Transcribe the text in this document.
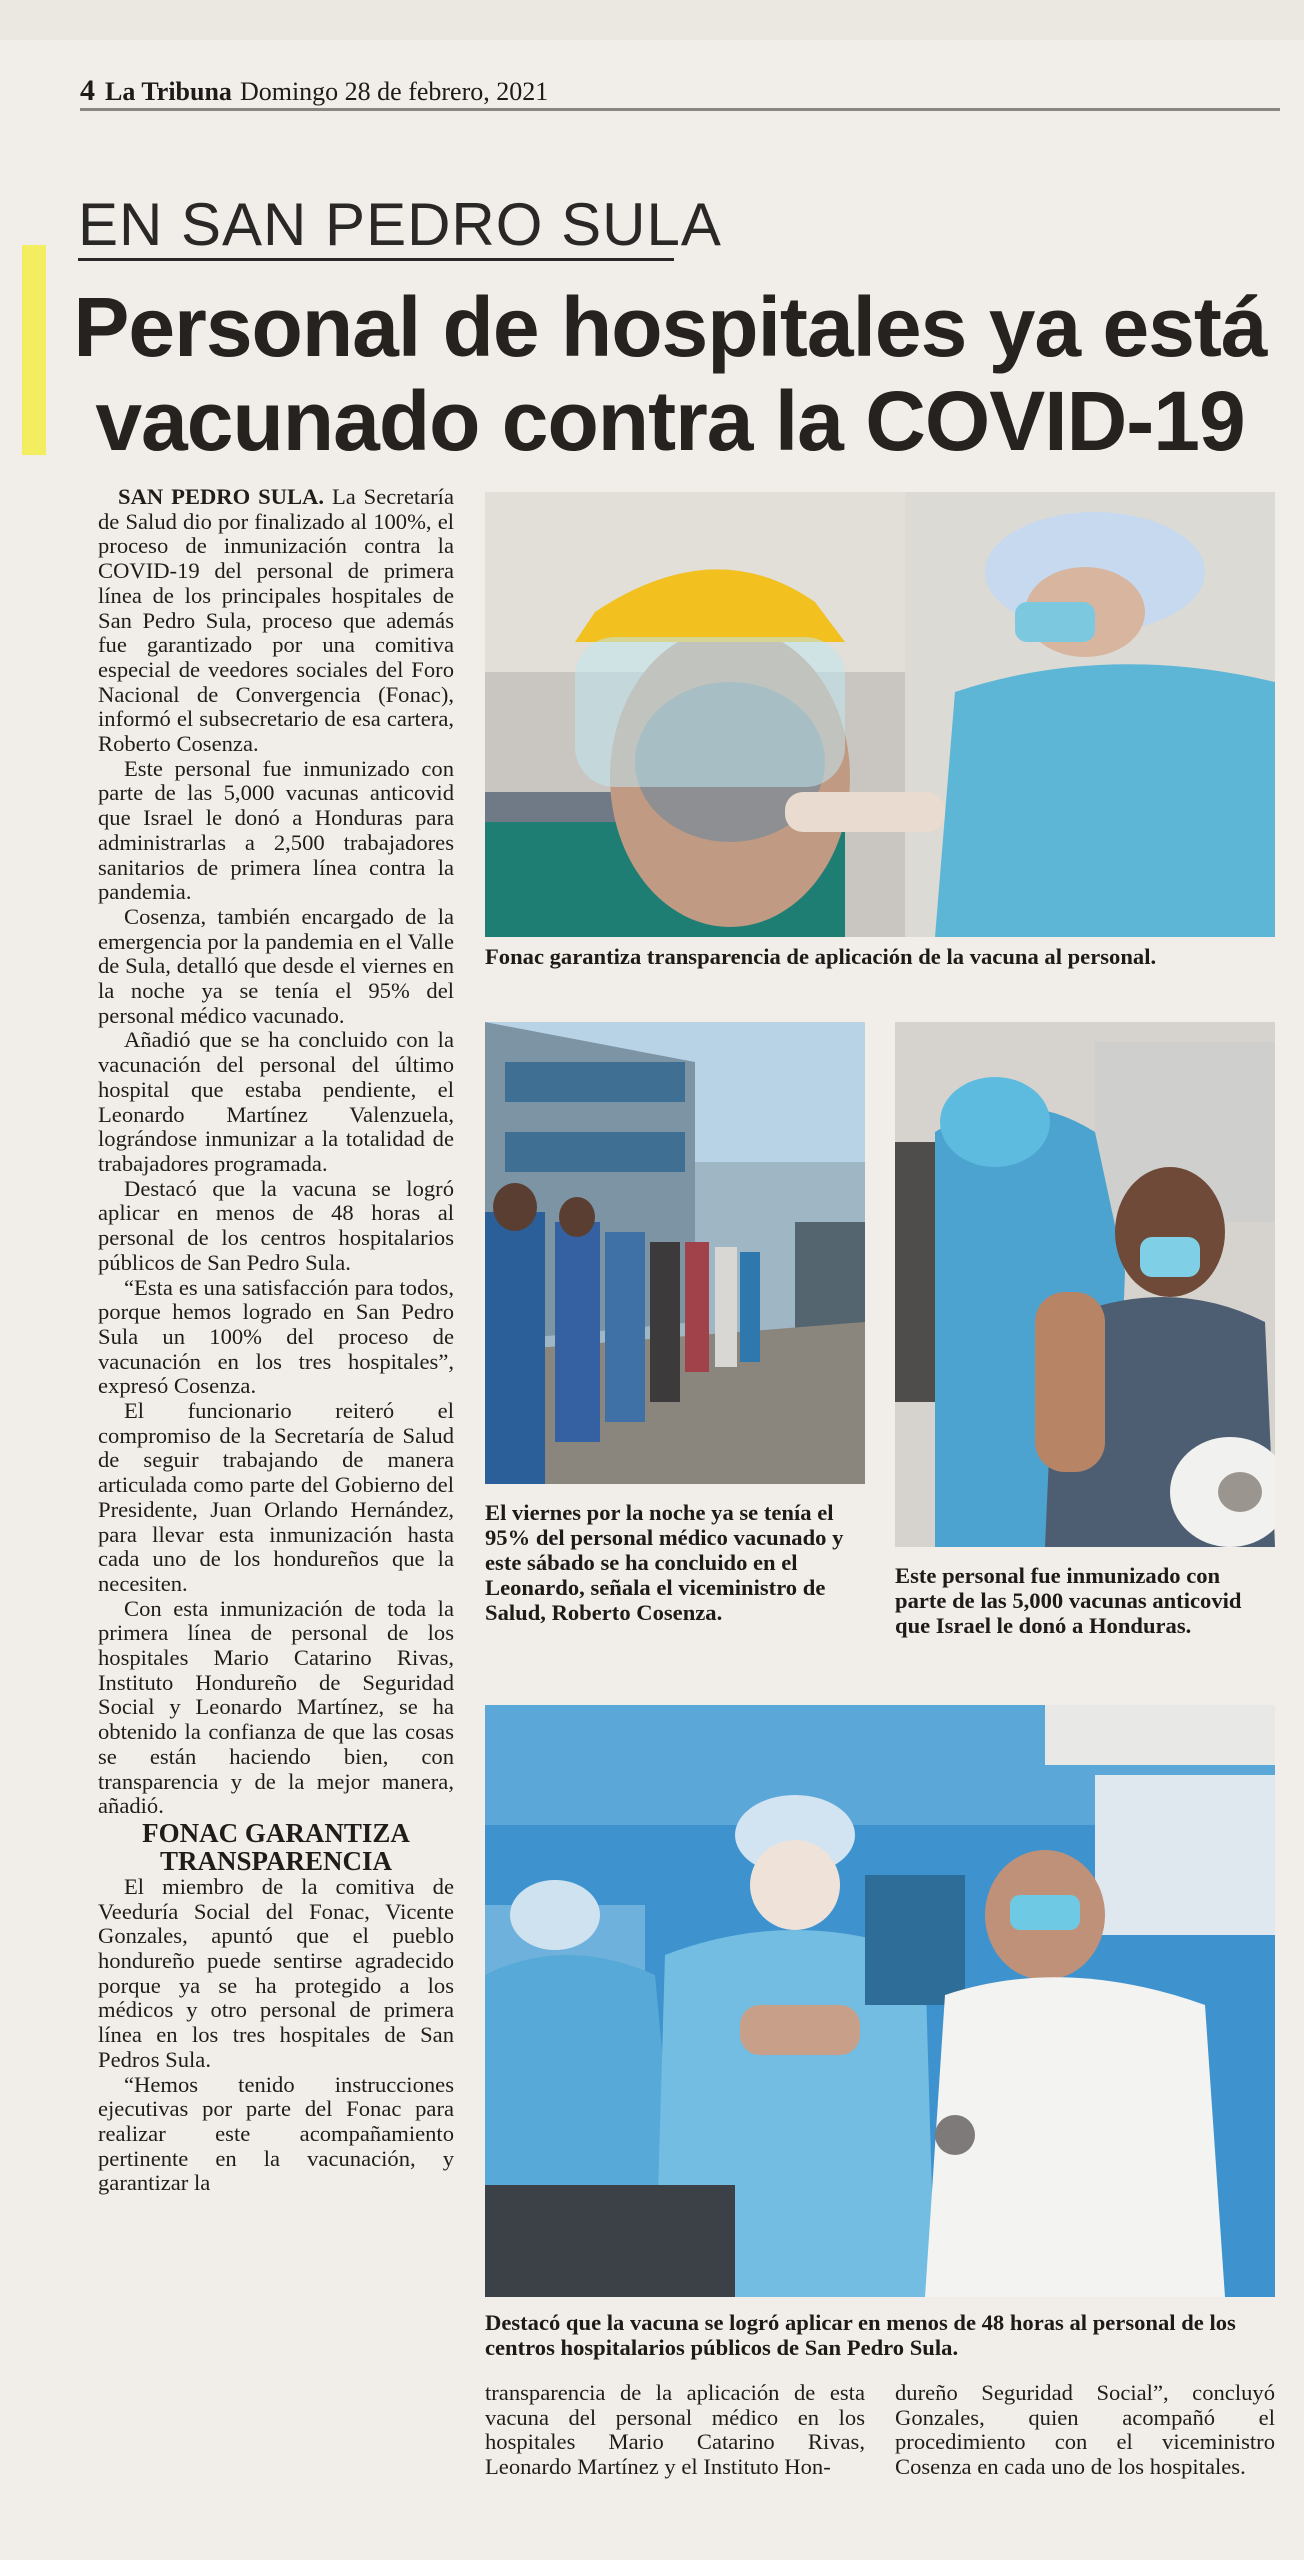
4 La Tribuna Domingo 28 de febrero, 2021
EN SAN PEDRO SULA
Personal de hospitales ya está vacunado contra la COVID-19

SAN PEDRO SULA. La Secretaría de Salud dio por finalizado al 100%, el proceso de inmunización contra la COVID-19 del personal de primera línea de los principales hospitales de San Pedro Sula, proceso que además fue garantizado por una comitiva especial de veedores sociales del Foro Nacional de Convergencia (Fonac), informó el subsecretario de esa cartera, Roberto Cosenza.

Este personal fue inmunizado con parte de las 5,000 vacunas anticovid que Israel le donó a Honduras para administrarlas a 2,500 trabajadores sanitarios de primera línea contra la pandemia.

Cosenza, también encargado de la emergencia por la pandemia en el Valle de Sula, detalló que desde el viernes en la noche ya se tenía el 95% del personal médico vacunado.

Añadió que se ha concluido con la vacunación del personal del último hospital que estaba pendiente, el Leonardo Martínez Valenzuela, lográndose inmunizar a la totalidad de trabajadores programada.

Destacó que la vacuna se logró aplicar en menos de 48 horas al personal de los centros hospitalarios públicos de San Pedro Sula.

“Esta es una satisfacción para todos, porque hemos logrado en San Pedro Sula un 100% del proceso de vacunación en los tres hospitales”, expresó Cosenza.

El funcionario reiteró el compromiso de la Secretaría de Salud de seguir trabajando de manera articulada como parte del Gobierno del Presidente, Juan Orlando Hernández, para llevar esta inmunización hasta cada uno de los hondureños que la necesiten.

Con esta inmunización de toda la primera línea de personal de los hospitales Mario Catarino Rivas, Instituto Hondureño de Seguridad Social y Leonardo Martínez, se ha obtenido la confianza de que las cosas se están haciendo bien, con transparencia y de la mejor manera, añadió.

FONAC GARANTIZA TRANSPARENCIA

El miembro de la comitiva de Veeduría Social del Fonac, Vicente Gonzales, apuntó que el pueblo hondureño puede sentirse agradecido porque ya se ha protegido a los médicos y otro personal de primera línea en los tres hospitales de San Pedros Sula.

“Hemos tenido instrucciones ejecutivas por parte del Fonac para realizar este acompañamiento pertinente en la vacunación, y garantizar la

Fonac garantiza transparencia de aplicación de la vacuna al personal.
El viernes por la noche ya se tenía el 95% del personal médico vacunado y este sábado se ha concluido en el Leonardo, señala el viceministro de Salud, Roberto Cosenza.
Este personal fue inmunizado con parte de las 5,000 vacunas anticovid que Israel le donó a Honduras.
Destacó que la vacuna se logró aplicar en menos de 48 horas al personal de los centros hospitalarios públicos de San Pedro Sula.

transparencia de la aplicación de esta vacuna del personal médico en los hospitales Mario Catarino Rivas, Leonardo Martínez y el Instituto Hon-

dureño Seguridad Social”, concluyó Gonzales, quien acompañó el procedimiento con el viceministro Cosenza en cada uno de los hospitales.
